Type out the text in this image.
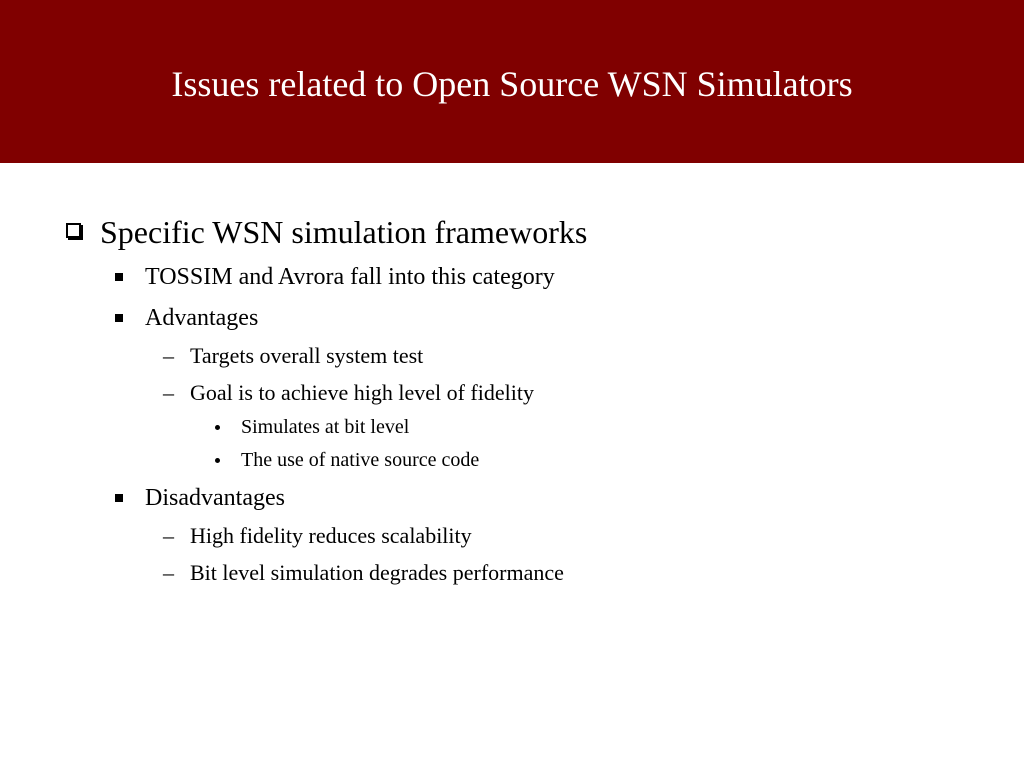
Issues related to Open Source WSN Simulators
Specific WSN simulation frameworks
TOSSIM and Avrora fall into this category
Advantages
– Targets overall system test
– Goal is to achieve high level of fidelity
Simulates at bit level
The use of native source code
Disadvantages
– High fidelity reduces scalability
– Bit level simulation degrades performance
